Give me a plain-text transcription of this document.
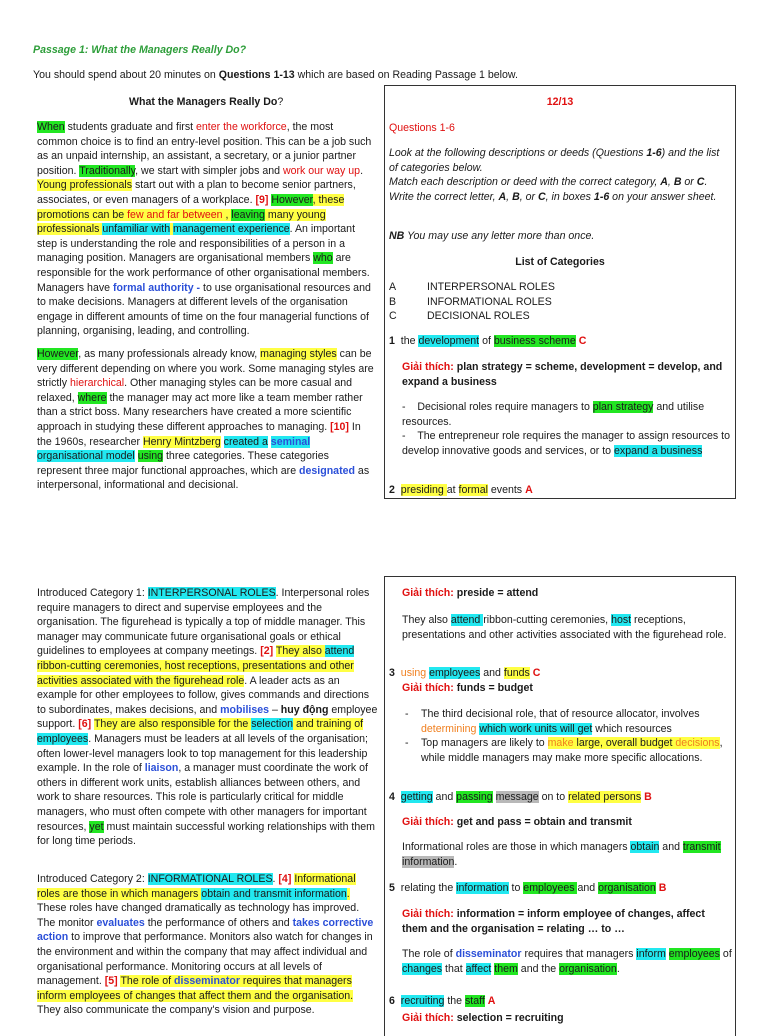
Passage 1: What the Managers Really Do?
You should spend about 20 minutes on Questions 1-13 which are based on Reading Passage 1 below.
What the Managers Really Do?

When students graduate and first enter the workforce, the most common choice is to find an entry-level position. This can be a job such as an unpaid internship, an assistant, a secretary, or a junior partner position. Traditionally, we start with simpler jobs and work our way up. Young professionals start out with a plan to become senior partners, associates, or even managers of a workplace. [9] However, these promotions can be few and far between , leaving many young professionals unfamiliar with management experience. An important step is understanding the role and responsibilities of a person in a managing position. Managers are organisational members who are responsible for the work performance of other organisational members. Managers have formal authority - to use organisational resources and to make decisions. Managers at different levels of the organisation engage in different amounts of time on the four managerial functions of planning, organising, leading, and controlling.

However, as many professionals already know, managing styles can be very different depending on where you work. Some managing styles are strictly hierarchical. Other managing styles can be more casual and relaxed, where the manager may act more like a team member rather than a strict boss. Many researchers have created a more scientific approach in studying these different approaches to managing. [10] In the 1960s, researcher Henry Mintzberg created a seminal organisational model using three categories. These categories represent three major functional approaches, which are designated as interpersonal, informational and decisional.

Introduced Category 1: INTERPERSONAL ROLES. Interpersonal roles require managers to direct and supervise employees and the organisation. The figurehead is typically a top of middle manager. This manager may communicate future organisational goals or ethical guidelines to employees at company meetings. [2] They also attend ribbon-cutting ceremonies, host receptions, presentations and other activities associated with the figurehead role. A leader acts as an example for other employees to follow, gives commands and directions to subordinates, makes decisions, and mobilises – huy động employee support. [6] They are also responsible for the selection and training of employees. Managers must be leaders at all levels of the organisation; often lower-level managers look to top management for this leadership example. In the role of liaison, a manager must coordinate the work of others in different work units, establish alliances between others, and work to share resources. This role is particularly critical for middle managers, who must often compete with other managers for important resources, yet must maintain successful working relationships with them for long time periods.

Introduced Category 2: INFORMATIONAL ROLES. [4] Informational roles are those in which managers obtain and transmit information. These roles have changed dramatically as technology has improved. The monitor evaluates the performance of others and takes corrective action to improve that performance. Monitors also watch for changes in the environment and within the company that may affect individual and organisational performance. Monitoring occurs at all levels of management. [5] The role of disseminator requires that managers inform employees of changes that affect them and the organisation. They also communicate the company's vision and purpose.

12/13
Questions 1-6
Look at the following descriptions or deeds (Questions 1-6) and the list of categories below.
Match each description or deed with the correct category, A, B or C. Write the correct letter, A, B, or C, in boxes 1-6 on your answer sheet.
NB You may use any letter more than once.
List of Categories
A	INTERPERSONAL ROLES
B	INFORMATIONAL ROLES
C	DECISIONAL ROLES
1 the development of business scheme C
Giải thích: plan strategy = scheme, development = develop, and expand a business
-    Decisional roles require managers to plan strategy and utilise resources.
-    The entrepreneur role requires the manager to assign resources to develop innovative goods and services, or to expand a business
2 presiding at formal events A
Giải thích: preside = attend
They also attend ribbon-cutting ceremonies, host receptions, presentations and other activities associated with the figurehead role.
3 using employees and funds C
Giải thích: funds = budget
-	The third decisional role, that of resource allocator, involves determining which work units will get which resources
-	Top managers are likely to make large, overall budget decisions, while middle managers may make more specific allocations.
4 getting and passing message on to related persons B
Giải thích: get and pass = obtain and transmit
Informational roles are those in which managers obtain and transmit information.
5 relating the information to employees and organisation B
Giải thích: information = inform employee of changes, affect them and the organisation = relating … to …
The role of disseminator requires that managers inform employees of changes that affect them and the organisation.
6 recruiting the staff A
Giải thích: selection = recruiting
